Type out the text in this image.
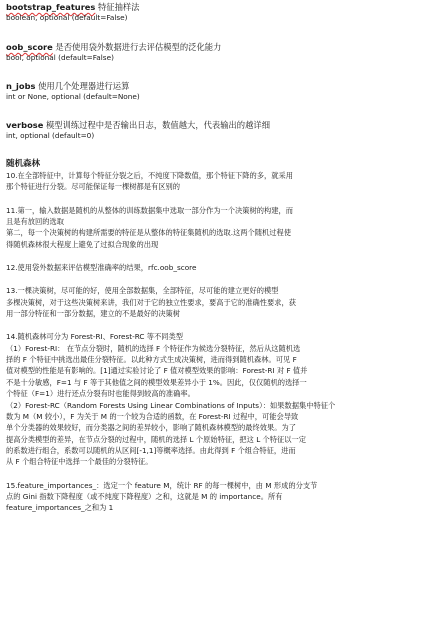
bootstrap_features 特征抽样法
boolean, optional (default=False)
oob_score 是否使用袋外数据进行去评估模型的泛化能力
bool, optional (default=False)
n_jobs 使用几个处理器进行运算
int or None, optional (default=None)
verbose 模型训练过程中是否输出日志，数值越大，代表输出的越详细
int, optional (default=0)
随机森林
10.在全部特征中，计算每个特征分裂之后，不纯度下降数值，那个特征下降的多，就采用
那个特征进行分裂。尽可能保证每一棵树都是有区别的
11.第一，输入数据是随机的从整体的训练数据集中选取一部分作为一个决策树的构建，而
且是有放回的选取
第二，每一个决策树的构建所需要的特征是从整体的特征集随机的选取.这两个随机过程使
得随机森林很大程度上避免了过拟合现象的出现
12.使用袋外数据来评估模型准确率的结果，rfc.oob_score
13.一棵决策树，尽可能的好，使用全部数据集，全部特征，尽可能的建立更好的模型
多棵决策树，对于这些决策树来讲，我们对于它的独立性要求，要高于它的准确性要求，获
用一部分特征和一部分数据，建立的不是最好的决策树
14.随机森林可分为 Forest-RI、Forest-RC 等不同类型
（1）Forest-RI： 在节点分裂时，随机的选择 F 个特征作为候选分裂特征，然后从这随机选
择的 F 个特征中挑选出最佳分裂特征。以此种方式生成决策树，进而得到随机森林。可见 F
值对模型的性能是有影响的。[1]通过实验讨论了 F 值对模型效果的影响：Forest-RI 对 F 值并
不是十分敏感，F=1 与 F 等于其他值之间的模型效果差异小于 1%。因此，仅仅随机的选择一
个特征（F=1）进行还点分裂有时也能得到较高的准确率。
（2）Forest-RC（Random Forests Using Linear Combinations of Inputs）：如果数据集中特征个
数为 M（M 较小），F 为关于 M 的一个较为合适的函数，在 Forest-RI 过程中，可能会导致
单个分类器的效果较好，而分类器之间的差异较小，影响了随机森林模型的最终效果。为了
提高分类模型的差异，在节点分裂的过程中，随机的选择 L 个原始特征，把这 L 个特征以一定
的系数进行组合，系数可以随机的从区间[-1,1]等概率选择。由此得到 F 个组合特征，进而
从 F 个组合特征中选择一个最佳的分裂特征。
15.feature_importances_：选定一个 feature M，统计 RF 的每一棵树中，由 M 形成的分支节
点的 Gini 指数下降程度（或不纯度下降程度）之和，这就是 M 的 importance。所有
feature_importances_之和为 1
